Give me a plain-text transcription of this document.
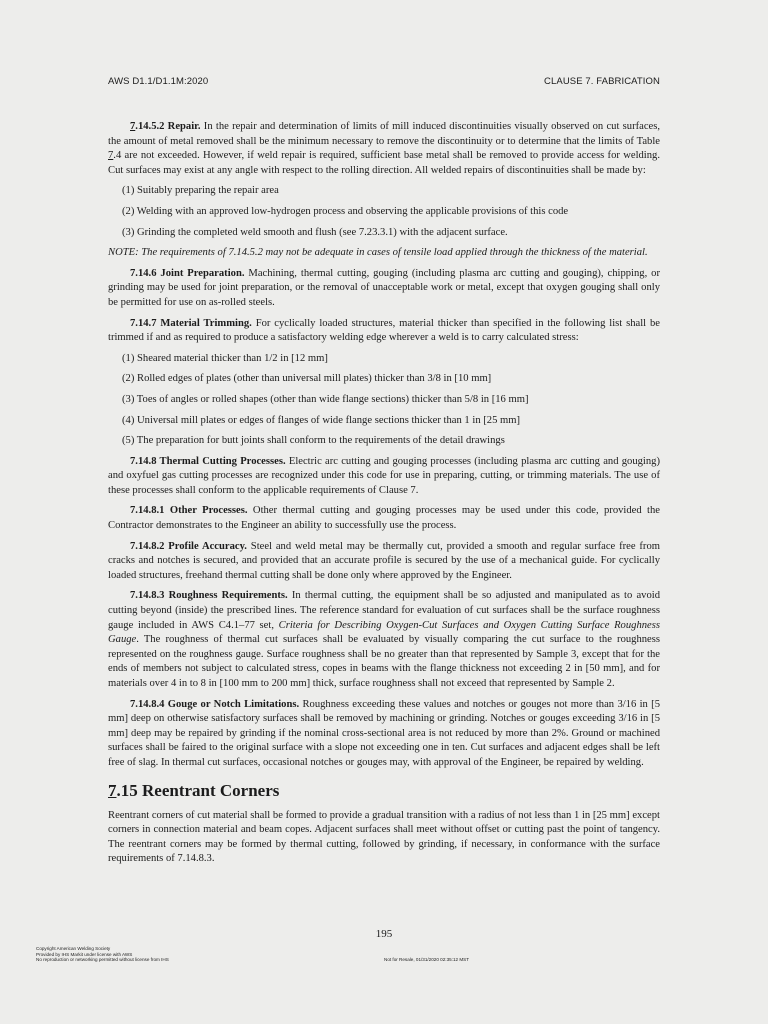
AWS D1.1/D1.1M:2020	CLAUSE 7. FABRICATION

7.14.5.2 Repair. In the repair and determination of limits of mill induced discontinuities visually observed on cut surfaces, the amount of metal removed shall be the minimum necessary to remove the discontinuity or to determine that the limits of Table 7.4 are not exceeded. However, if weld repair is required, sufficient base metal shall be removed to provide access for welding. Cut surfaces may exist at any angle with respect to the rolling direction. All welded repairs of discontinuities shall be made by:

(1) Suitably preparing the repair area

(2) Welding with an approved low-hydrogen process and observing the applicable provisions of this code

(3) Grinding the completed weld smooth and flush (see 7.23.3.1) with the adjacent surface.

NOTE: The requirements of 7.14.5.2 may not be adequate in cases of tensile load applied through the thickness of the material.

7.14.6 Joint Preparation. Machining, thermal cutting, gouging (including plasma arc cutting and gouging), chipping, or grinding may be used for joint preparation, or the removal of unacceptable work or metal, except that oxygen gouging shall only be permitted for use on as-rolled steels.

7.14.7 Material Trimming. For cyclically loaded structures, material thicker than specified in the following list shall be trimmed if and as required to produce a satisfactory welding edge wherever a weld is to carry calculated stress:

(1) Sheared material thicker than 1/2 in [12 mm]

(2) Rolled edges of plates (other than universal mill plates) thicker than 3/8 in [10 mm]

(3) Toes of angles or rolled shapes (other than wide flange sections) thicker than 5/8 in [16 mm]

(4) Universal mill plates or edges of flanges of wide flange sections thicker than 1 in [25 mm]

(5) The preparation for butt joints shall conform to the requirements of the detail drawings

7.14.8 Thermal Cutting Processes. Electric arc cutting and gouging processes (including plasma arc cutting and gouging) and oxyfuel gas cutting processes are recognized under this code for use in preparing, cutting, or trimming materials. The use of these processes shall conform to the applicable requirements of Clause 7.

7.14.8.1 Other Processes. Other thermal cutting and gouging processes may be used under this code, provided the Contractor demonstrates to the Engineer an ability to successfully use the process.

7.14.8.2 Profile Accuracy. Steel and weld metal may be thermally cut, provided a smooth and regular surface free from cracks and notches is secured, and provided that an accurate profile is secured by the use of a mechanical guide. For cyclically loaded structures, freehand thermal cutting shall be done only where approved by the Engineer.

7.14.8.3 Roughness Requirements. In thermal cutting, the equipment shall be so adjusted and manipulated as to avoid cutting beyond (inside) the prescribed lines. The reference standard for evaluation of cut surfaces shall be the surface roughness gauge included in AWS C4.1–77 set, Criteria for Describing Oxygen-Cut Surfaces and Oxygen Cutting Surface Roughness Gauge. The roughness of thermal cut surfaces shall be evaluated by visually comparing the cut surface to the roughness represented on the roughness gauge. Surface roughness shall be no greater than that represented by Sample 3, except that for the ends of members not subject to calculated stress, copes in beams with the flange thickness not exceeding 2 in [50 mm], and for materials over 4 in to 8 in [100 mm to 200 mm] thick, surface roughness shall not exceed that represented by Sample 2.

7.14.8.4 Gouge or Notch Limitations. Roughness exceeding these values and notches or gouges not more than 3/16 in [5 mm] deep on otherwise satisfactory surfaces shall be removed by machining or grinding. Notches or gouges exceeding 3/16 in [5 mm] deep may be repaired by grinding if the nominal cross-sectional area is not reduced by more than 2%. Ground or machined surfaces shall be faired to the original surface with a slope not exceeding one in ten. Cut surfaces and adjacent edges shall be left free of slag. In thermal cut surfaces, occasional notches or gouges may, with approval of the Engineer, be repaired by welding.

7.15 Reentrant Corners

Reentrant corners of cut material shall be formed to provide a gradual transition with a radius of not less than 1 in [25 mm] except corners in connection material and beam copes. Adjacent surfaces shall meet without offset or cutting past the point of tangency. The reentrant corners may be formed by thermal cutting, followed by grinding, if necessary, in conformance with the surface requirements of 7.14.8.3.

195
Copyright American Welding Society
Provided by IHS Markit under license with AWS
No reproduction or networking permitted without license from IHS	Not for Resale, 01/31/2020 02:35:12 MST
